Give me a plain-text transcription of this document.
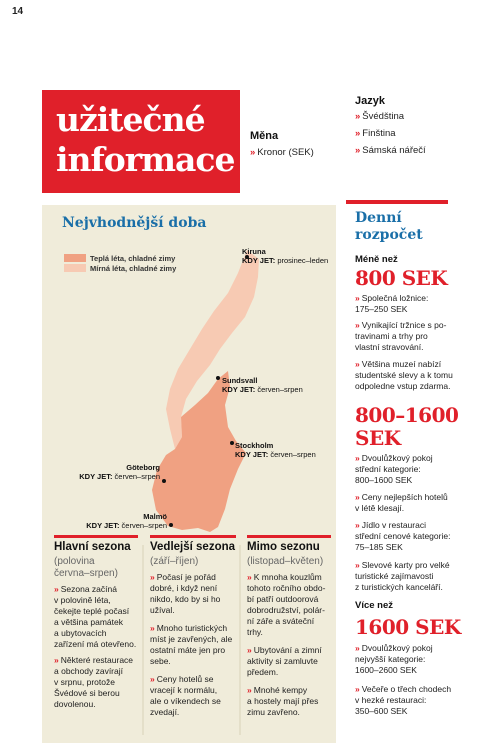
14
užitečné
informace
Měna
» Kronor (SEK)
Jazyk
» Švédština
» Finština
» Sámská nářečí
Nejvhodnější doba
Teplá léta, chladné zimy
Mírná léta, chladné zimy
Kiruna
KDY JET: prosinec–leden
Sundsvall
KDY JET: červen–srpen
Stockholm
KDY JET: červen–srpen
Göteborg
KDY JET: červen–srpen
Malmö
KDY JET: červen–srpen
Hlavní sezona
(polovina
června–srpen)
» Sezona začíná
v polovině léta,
čekejte teplé počasí
a většina památek
a ubytovacích
zařízení má otevřeno.
» Některé restaurace
a obchody zavírají
v srpnu, protože
Švédové si berou
dovolenou.
Vedlejší sezona
(září–říjen)
» Počasí je pořád
dobré, i když není
nikdo, kdo by si ho
užíval.
» Mnoho turistických
míst je zavřených, ale
ostatní máte jen pro
sebe.
» Ceny hotelů se
vracejí k normálu,
ale o víkendech se
zvedají.
Mimo sezonu
(listopad–květen)
» K mnoha kouzlům
tohoto ročního obdo-
bí patří outdoorová
dobrodružství, polár-
ní záře a sváteční
trhy.
» Ubytování a zimní
aktivity si zamluvte
předem.
» Mnohé kempy
a hostely mají přes
zimu zavřeno.
Denní
rozpočet
Méně než
800 SEK
» Společná ložnice:
175–250 SEK
» Vynikající tržnice s po-
travinami a trhy pro
vlastní stravování.
» Většina muzeí nabízí
studentské slevy a k tomu
odpoledne vstup zdarma.
800–1600
SEK
» Dvoulůžkový pokoj
střední kategorie:
800–1600 SEK
» Ceny nejlepších hotelů
v létě klesají.
» Jídlo v restauraci
střední cenové kategorie:
75–185 SEK
» Slevové karty pro velké
turistické zajímavosti
z turistických kanceláří.
Více než
1600 SEK
» Dvoulůžkový pokoj
nejvyšší kategorie:
1600–2600 SEK
» Večeře o třech chodech
v hezké restauraci:
350–600 SEK
